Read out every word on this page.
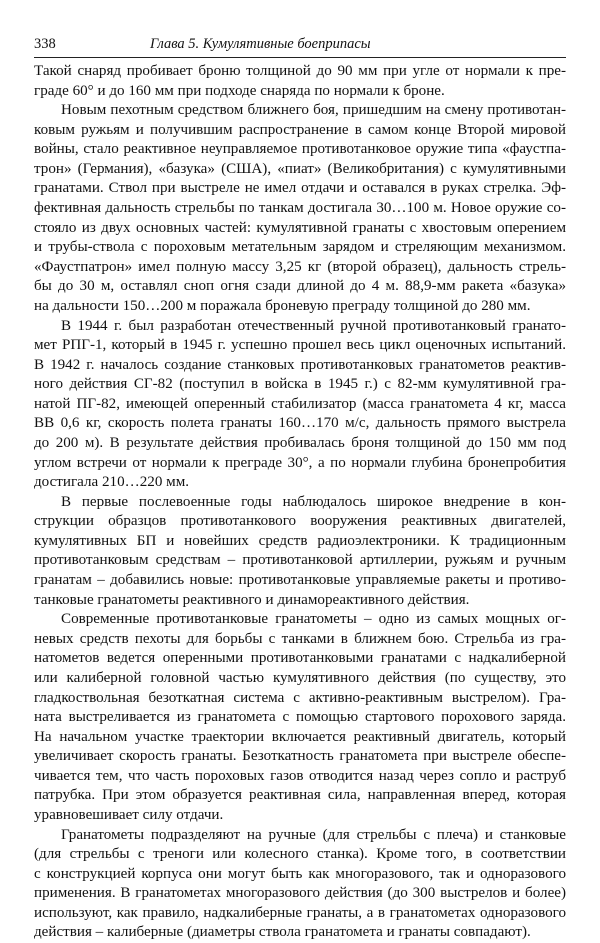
338	Глава 5. Кумулятивные боеприпасы
Такой снаряд пробивает броню толщиной до 90 мм при угле от нормали к пре-
граде 60° и до 160 мм при подходе снаряда по нормали к броне.
Новым пехотным средством ближнего боя, пришедшим на смену противотан-
ковым ружьям и получившим распространение в самом конце Второй мировой
войны, стало реактивное неуправляемое противотанковое оружие типа «фауcтпа-
трон» (Германия), «базука» (США), «пиат» (Великобритания) с кумулятивными
гранатами. Ствол при выстреле не имел отдачи и оставался в руках стрелка. Эф-
фективная дальность стрельбы по танкам достигала 30…100 м. Новое оружие со-
стояло из двух основных частей: кумулятивной гранаты с хвостовым оперением
и трубы-ствола с пороховым метательным зарядом и стреляющим механизмом.
«Фаустпатрон» имел полную массу 3,25 кг (второй образец), дальность стрель-
бы до 30 м, оставлял сноп огня сзади длиной до 4 м. 88,9-мм ракета «базука»
на дальности 150…200 м поражала броневую преграду толщиной до 280 мм.
В 1944 г. был разработан отечественный ручной противотанковый гранато-
мет РПГ-1, который в 1945 г. успешно прошел весь цикл оценочных испытаний.
В 1942 г. началось создание станковых противотанковых гранатометов реактив-
ного действия СГ-82 (поступил в войска в 1945 г.) с 82-мм кумулятивной гра-
натой ПГ-82, имеющей оперенный стабилизатор (масса гранатомета 4 кг, масса
ВВ 0,6 кг, скорость полета гранаты 160…170 м/с, дальность прямого выстрела
до 200 м). В результате действия пробивалась броня толщиной до 150 мм под
углом встречи от нормали к преграде 30°, а по нормали глубина бронепробития
достигала 210…220 мм.
В первые послевоенные годы наблюдалось широкое внедрение в кон-
струкции образцов противотанкового вооружения реактивных двигателей,
кумулятивных БП и новейших средств радиоэлектроники. К традиционным
противотанковым средствам – противотанковой артиллерии, ружьям и ручным
гранатам – добавились новые: противотанковые управляемые ракеты и противо-
танковые гранатометы реактивного и динамореактивного действия.
Современные противотанковые гранатометы – одно из самых мощных ог-
невых средств пехоты для борьбы с танками в ближнем бою. Стрельба из гра-
натометов ведется оперенными противотанковыми гранатами с надкалиберной
или калиберной головной частью кумулятивного действия (по существу, это
гладкоствольная безоткатная система с активно-реактивным выстрелом). Гра-
ната выстреливается из гранатомета с помощью стартового порохового заряда.
На начальном участке траектории включается реактивный двигатель, который
увеличивает скорость гранаты. Безоткатность гранатомета при выстреле обеспе-
чивается тем, что часть пороховых газов отводится назад через сопло и раструб
патрубка. При этом образуется реактивная сила, направленная вперед, которая
уравновешивает силу отдачи.
Гранатометы подразделяют на ручные (для стрельбы с плеча) и станковые
(для стрельбы с треноги или колесного станка). Кроме того, в соответствии
с конструкцией корпуса они могут быть как многоразового, так и одноразового
применения. В гранатометах многоразового действия (до 300 выстрелов и более)
используют, как правило, надкалиберные гранаты, а в гранатометах одноразового
действия – калиберные (диаметры ствола гранатомета и гранаты совпадают).
